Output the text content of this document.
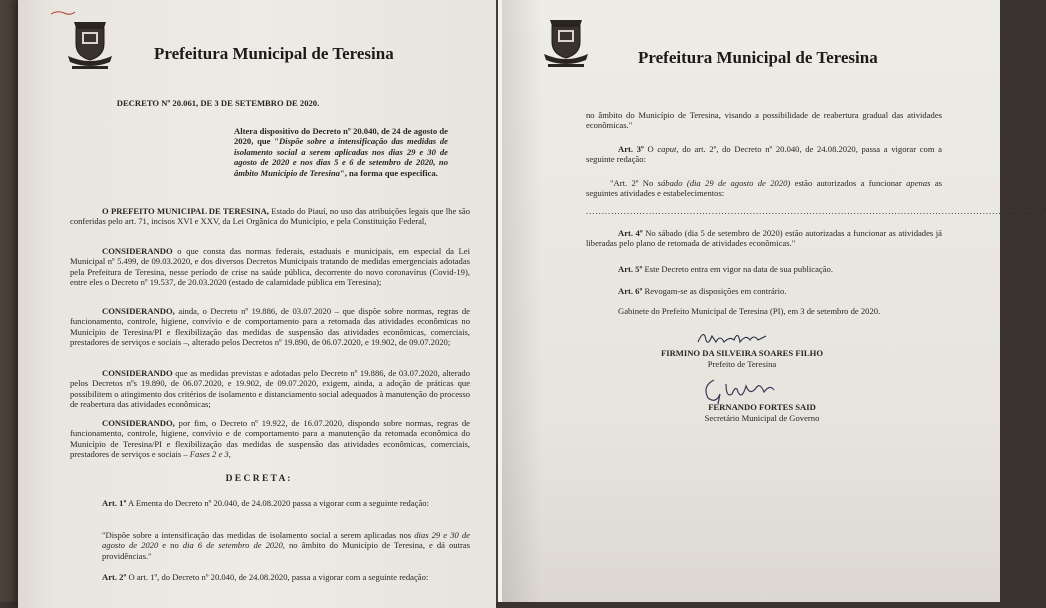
Prefeitura Municipal de Teresina
DECRETO Nº 20.061, DE 3 DE SETEMBRO DE 2020.
Altera dispositivo do Decreto nº 20.040, de 24 de agosto de 2020, que "Dispõe sobre a intensificação das medidas de isolamento social a serem aplicadas nos dias 29 e 30 de agosto de 2020 e nos dias 5 e 6 de setembro de 2020, no âmbito Município de Teresina", na forma que especifica.
O PREFEITO MUNICIPAL DE TERESINA, Estado do Piauí, no uso das atribuições legais que lhe são conferidas pelo art. 71, incisos XVI e XXV, da Lei Orgânica do Município, e pela Constituição Federal,
CONSIDERANDO o que consta das normas federais, estaduais e municipais, em especial da Lei Municipal nº 5.499, de 09.03.2020, e dos diversos Decretos Municipais tratando de medidas emergenciais adotadas pela Prefeitura de Teresina, nesse período de crise na saúde pública, decorrente do novo coronavírus (Covid-19), entre eles o Decreto nº 19.537, de 20.03.2020 (estado de calamidade pública em Teresina);
CONSIDERANDO, ainda, o Decreto nº 19.886, de 03.07.2020 – que dispõe sobre normas, regras de funcionamento, controle, higiene, convívio e de comportamento para a retomada das atividades econômicas no Município de Teresina/PI e flexibilização das medidas de suspensão das atividades econômicas, comerciais, prestadores de serviços e sociais –, alterado pelos Decretos nº 19.890, de 06.07.2020, e 19.902, de 09.07.2020;
CONSIDERANDO que as medidas previstas e adotadas pelo Decreto nº 19.886, de 03.07.2020, alterado pelos Decretos nºs 19.890, de 06.07.2020, e 19.902, de 09.07.2020, exigem, ainda, a adoção de práticas que possibilitem o atingimento dos critérios de isolamento e distanciamento social adequados à manutenção do processo de reabertura das atividades econômicas;
CONSIDERANDO, por fim, o Decreto nº 19.922, de 16.07.2020, dispondo sobre normas, regras de funcionamento, controle, higiene, convívio e de comportamento para a manutenção da retomada econômica do Município de Teresina/PI e flexibilização das medidas de suspensão das atividades econômicas, comerciais, prestadores de serviços e sociais – Fases 2 e 3,
D E C R E T A :
Art. 1º A Ementa do Decreto nº 20.040, de 24.08.2020 passa a vigorar com a seguinte redação:
"Dispõe sobre a intensificação das medidas de isolamento social a serem aplicadas nos dias 29 e 30 de agosto de 2020 e no dia 6 de setembro de 2020, no âmbito do Município de Teresina, e dá outras providências."
Art. 2º O art. 1º, do Decreto nº 20.040, de 24.08.2020, passa a vigorar com a seguinte redação:
Prefeitura Municipal de Teresina
no âmbito do Município de Teresina, visando a possibilidade de reabertura gradual das atividades econômicas."
Art. 3º O caput, do art. 2º, do Decreto nº 20.040, de 24.08.2020, passa a vigorar com a seguinte redação:
"Art. 2º No sábado (dia 29 de agosto de 2020) estão autorizados a funcionar apenas as seguintes atividades e estabelecimentos:
................................................................................................................................................."
Art. 4º No sábado (dia 5 de setembro de 2020) estão autorizadas a funcionar as atividades já liberadas pelo plano de retomada de atividades econômicas."
Art. 5º Este Decreto entra em vigor na data de sua publicação.
Art. 6º Revogam-se as disposições em contrário.
Gabinete do Prefeito Municipal de Teresina (PI), em 3 de setembro de 2020.
FIRMINO DA SILVEIRA SOARES FILHO
Prefeito de Teresina
FERNANDO FORTES SAID
Secretário Municipal de Governo
